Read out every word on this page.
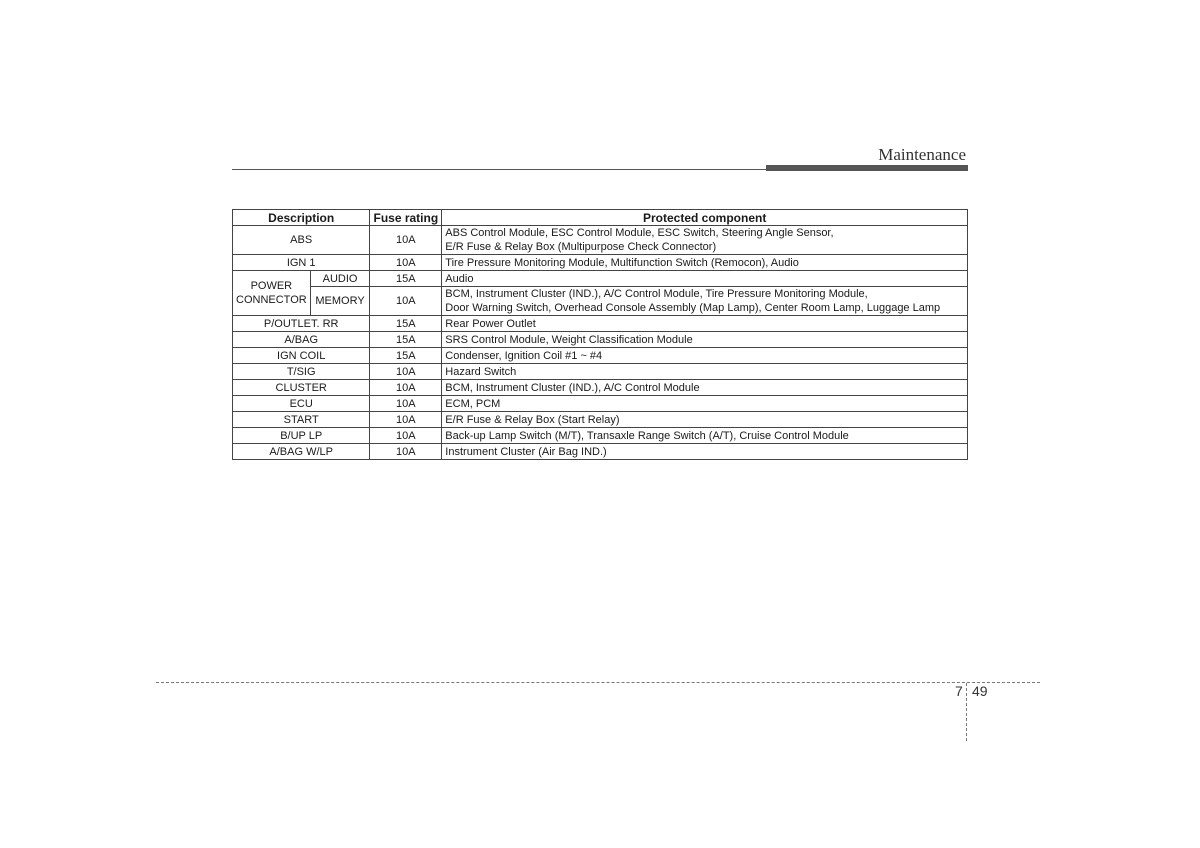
Maintenance
Description		Fuse rating	Protected component
ABS		10A	ABS Control Module, ESC Control Module, ESC Switch, Steering Angle Sensor,
E/R Fuse & Relay Box (Multipurpose Check Connector)

IGN 1		10A	Tire Pressure Monitoring Module, Multifunction Switch (Remocon), Audio

POWER
CONNECTOR	AUDIO	15A	Audio

	MEMORY	10A	BCM, Instrument Cluster (IND.), A/C Control Module, Tire Pressure Monitoring Module,
Door Warning Switch, Overhead Console Assembly (Map Lamp), Center Room Lamp, Luggage Lamp

P/OUTLET. RR		15A	Rear Power Outlet
A/BAG		15A	SRS Control Module, Weight Classification Module
IGN COIL		15A	Condenser, Ignition Coil #1 ~ #4
T/SIG		10A	Hazard Switch
CLUSTER		10A	BCM, Instrument Cluster (IND.), A/C Control Module
ECU		10A	ECM, PCM
START		10A	E/R Fuse & Relay Box (Start Relay)
B/UP LP		10A	Back-up Lamp Switch (M/T), Transaxle Range Switch (A/T), Cruise Control Module
A/BAG W/LP		10A	Instrument Cluster (Air Bag IND.)
7 49
